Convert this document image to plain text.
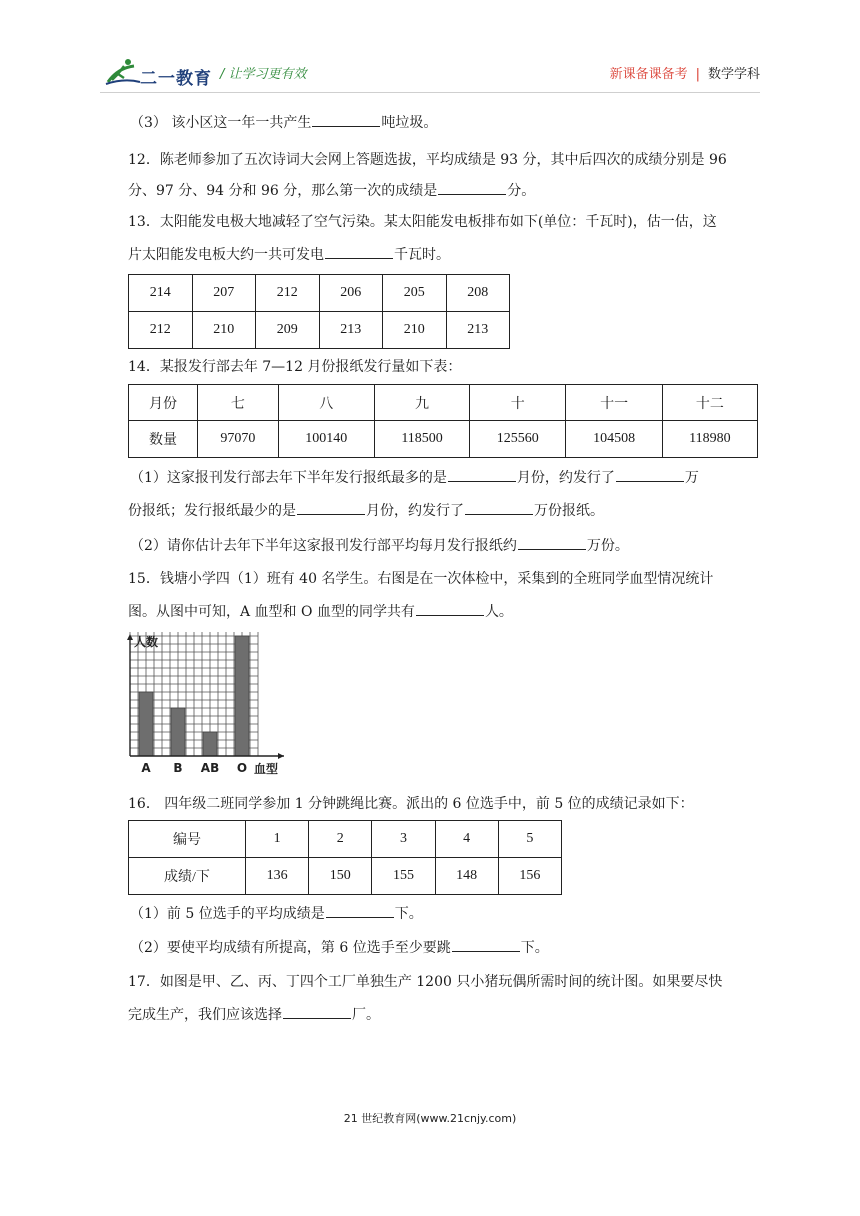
二一教育 / 让学习更有效	新课备课备考 | 数学学科
（3） 该小区这一年一共产生	吨垃圾。
12．陈老师参加了五次诗词大会网上答题选拔，平均成绩是 93 分，其中后四次的成绩分别是 96
分、97 分、94 分和 96 分，那么第一次的成绩是	分。
13．太阳能发电极大地减轻了空气污染。某太阳能发电板排布如下(单位：千瓦时)，估一估，这
片太阳能发电板大约一共可发电	千瓦时。
214	207	212	206	205	208
212	210	209	213	210	213
14．某报发行部去年 7—12 月份报纸发行量如下表：
月份	七	八	九	十	十一	十二
数量	97070	100140	118500	125560	104508	118980
（1）这家报刊发行部去年下半年发行报纸最多的是	月份，约发行了	万
份报纸；发行报纸最少的是	月份，约发行了	万份报纸。
（2）请你估计去年下半年这家报刊发行部平均每月发行报纸约	万份。
15．钱塘小学四（1）班有 40 名学生。右图是在一次体检中，采集到的全班同学血型情况统计
图。从图中可知，A 血型和 O 血型的同学共有	人。
A B AB O
人数
血型
16． 四年级二班同学参加 1 分钟跳绳比赛。派出的 6 位选手中，前 5 位的成绩记录如下：
编号	1	2	3	4	5
成绩/下	136	150	155	148	156
（1）前 5 位选手的平均成绩是	下。
（2）要使平均成绩有所提高，第 6 位选手至少要跳	下。
17．如图是甲、乙、丙、丁四个工厂单独生产 1200 只小猪玩偶所需时间的统计图。如果要尽快
完成生产，我们应该选择	厂。
21 世纪教育网(www.21cnjy.com)
